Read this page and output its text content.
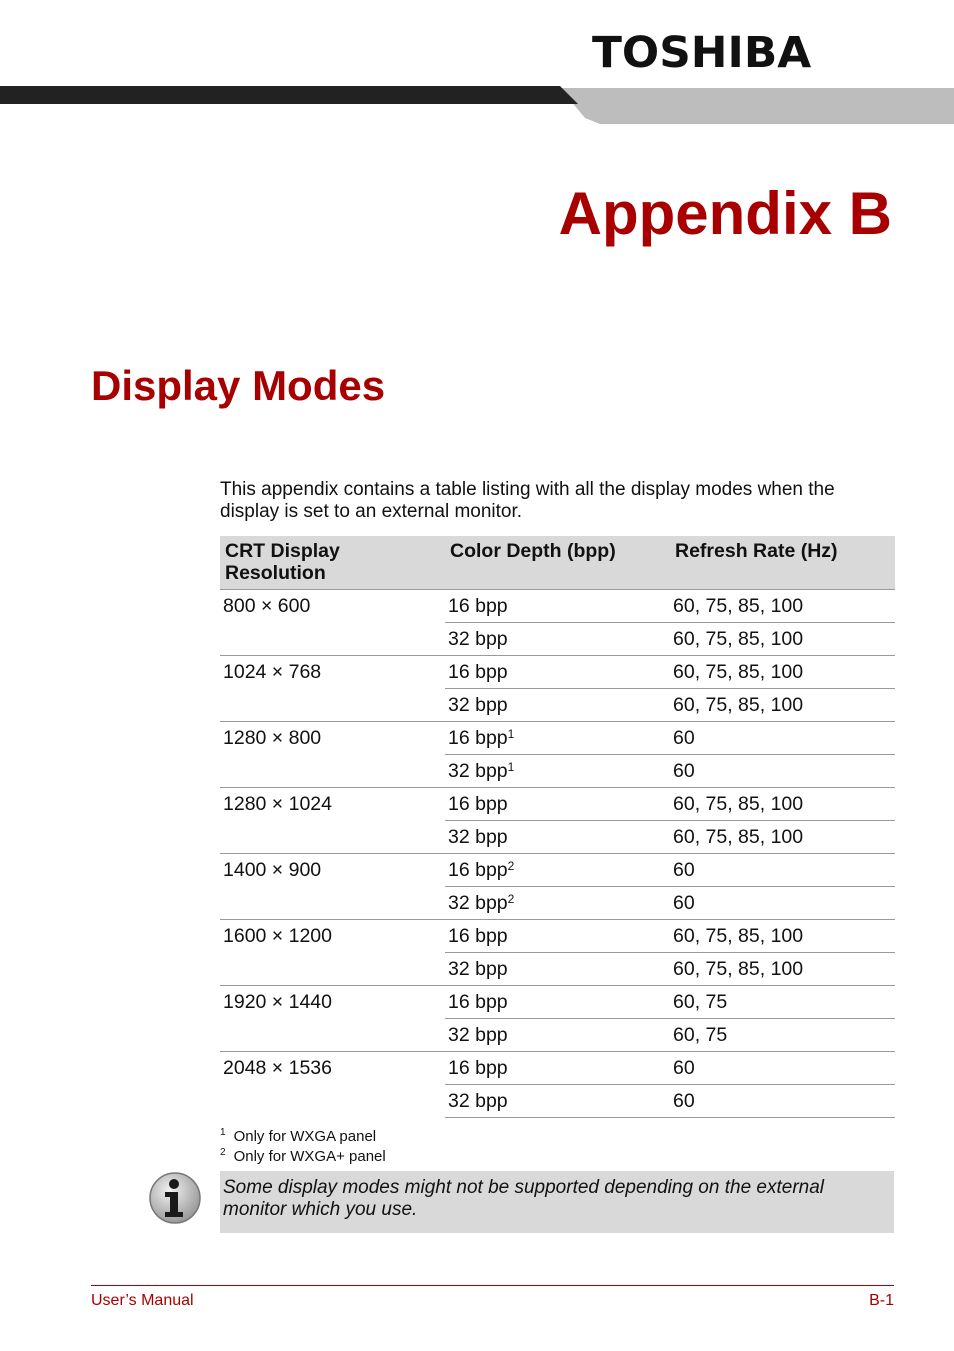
TOSHIBA
Appendix B
Display Modes

This appendix contains a table listing with all the display modes when the display is set to an external monitor.

CRT Display Resolution	Color Depth (bpp)	Refresh Rate (Hz)
800 × 600	16 bpp	60, 75, 85, 100
	32 bpp	60, 75, 85, 100
1024 × 768	16 bpp	60, 75, 85, 100
	32 bpp	60, 75, 85, 100
1280 × 800	16 bpp$^1$	60
	32 bpp$^1$	60
1280 × 1024	16 bpp	60, 75, 85, 100
	32 bpp	60, 75, 85, 100
1400 × 900	16 bpp$^2$	60
	32 bpp$^2$	60
1600 × 1200	16 bpp	60, 75, 85, 100
	32 bpp	60, 75, 85, 100
1920 × 1440	16 bpp	60, 75
	32 bpp	60, 75
2048 × 1536	16 bpp	60
	32 bpp	60
$^1$ Only for WXGA panel
$^2$ Only for WXGA+ panel
Some display modes might not be supported depending on the external monitor which you use.
User’s Manual	B-1
